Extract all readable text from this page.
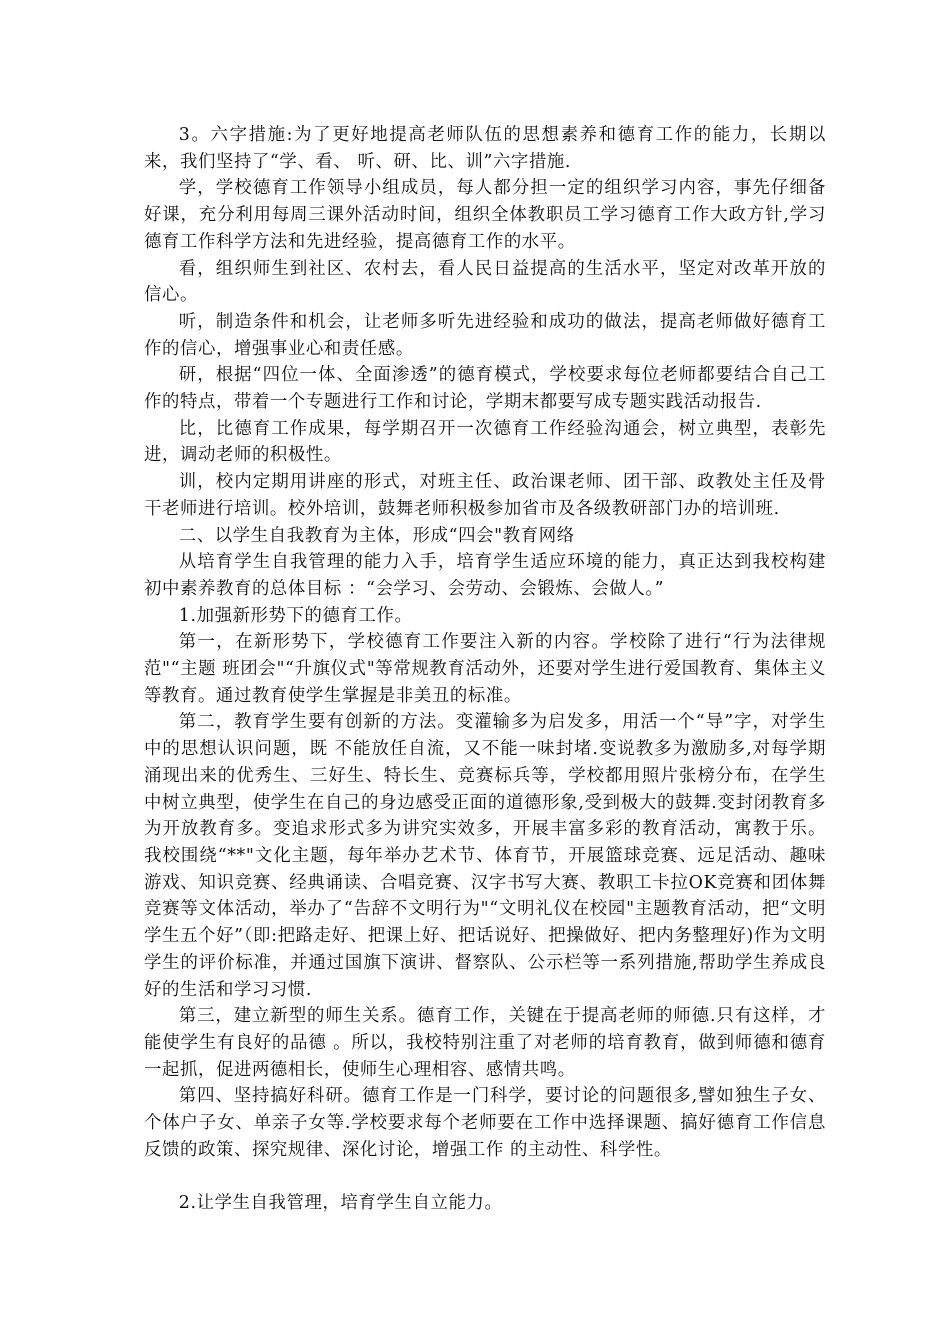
3。六字措施:为了更好地提高老师队伍的思想素养和德育工作的能力，长期以来，我们坚持了“学、看、 听、研、比、训”六字措施.

学，学校德育工作领导小组成员，每人都分担一定的组织学习内容，事先仔细备好课，充分利用每周三课外活动时间，组织全体教职员工学习德育工作大政方针,学习德育工作科学方法和先进经验，提高德育工作的水平。

看，组织师生到社区、农村去，看人民日益提高的生活水平，坚定对改革开放的信心。

听，制造条件和机会，让老师多听先进经验和成功的做法，提高老师做好德育工作的信心，增强事业心和责任感。

研，根据“四位一体、全面渗透”的德育模式，学校要求每位老师都要结合自己工作的特点，带着一个专题进行工作和讨论，学期末都要写成专题实践活动报告.

比，比德育工作成果，每学期召开一次德育工作经验沟通会，树立典型，表彰先进，调动老师的积极性。

训，校内定期用讲座的形式，对班主任、政治课老师、团干部、政教处主任及骨干老师进行培训。校外培训，鼓舞老师积极参加省市及各级教研部门办的培训班.

二、以学生自我教育为主体，形成“四会"教育网络

从培育学生自我管理的能力入手，培育学生适应环境的能力，真正达到我校构建初中素养教育的总体目标 ：“会学习、会劳动、会锻炼、会做人。”

1.加强新形势下的德育工作。

第一，在新形势下，学校德育工作要注入新的内容。学校除了进行“行为法律规范"“主题 班团会"“升旗仪式"等常规教育活动外，还要对学生进行爱国教育、集体主义等教育。通过教育使学生掌握是非美丑的标准。

第二，教育学生要有创新的方法。变灌输多为启发多，用活一个“导”字，对学生中的思想认识问题，既 不能放任自流，又不能一味封堵.变说教多为激励多,对每学期涌现出来的优秀生、三好生、特长生、竞赛标兵等，学校都用照片张榜分布，在学生中树立典型，使学生在自己的身边感受正面的道德形象,受到极大的鼓舞.变封闭教育多为开放教育多。变追求形式多为讲究实效多，开展丰富多彩的教育活动，寓教于乐。我校围绕“**"文化主题，每年举办艺术节、体育节，开展篮球竞赛、远足活动、趣味游戏、知识竞赛、经典诵读、合唱竞赛、汉字书写大赛、教职工卡拉OK竞赛和团体舞竞赛等文体活动，举办了“告辞不文明行为"“文明礼仪在校园"主题教育活动，把“文明学生五个好”（即:把路走好、把课上好、把话说好、把操做好、把内务整理好)作为文明学生的评价标准，并通过国旗下演讲、督察队、公示栏等一系列措施,帮助学生养成良好的生活和学习习惯.

第三，建立新型的师生关系。德育工作，关键在于提高老师的师德.只有这样，才能使学生有良好的品德 。所以，我校特别注重了对老师的培育教育，做到师德和德育一起抓，促进两德相长，使师生心理相容、感情共鸣。

第四、坚持搞好科研。德育工作是一门科学，要讨论的问题很多,譬如独生子女、个体户子女、单亲子女等.学校要求每个老师要在工作中选择课题、搞好德育工作信息反馈的政策、探究规律、深化讨论，增强工作 的主动性、科学性。

2.让学生自我管理，培育学生自立能力。
